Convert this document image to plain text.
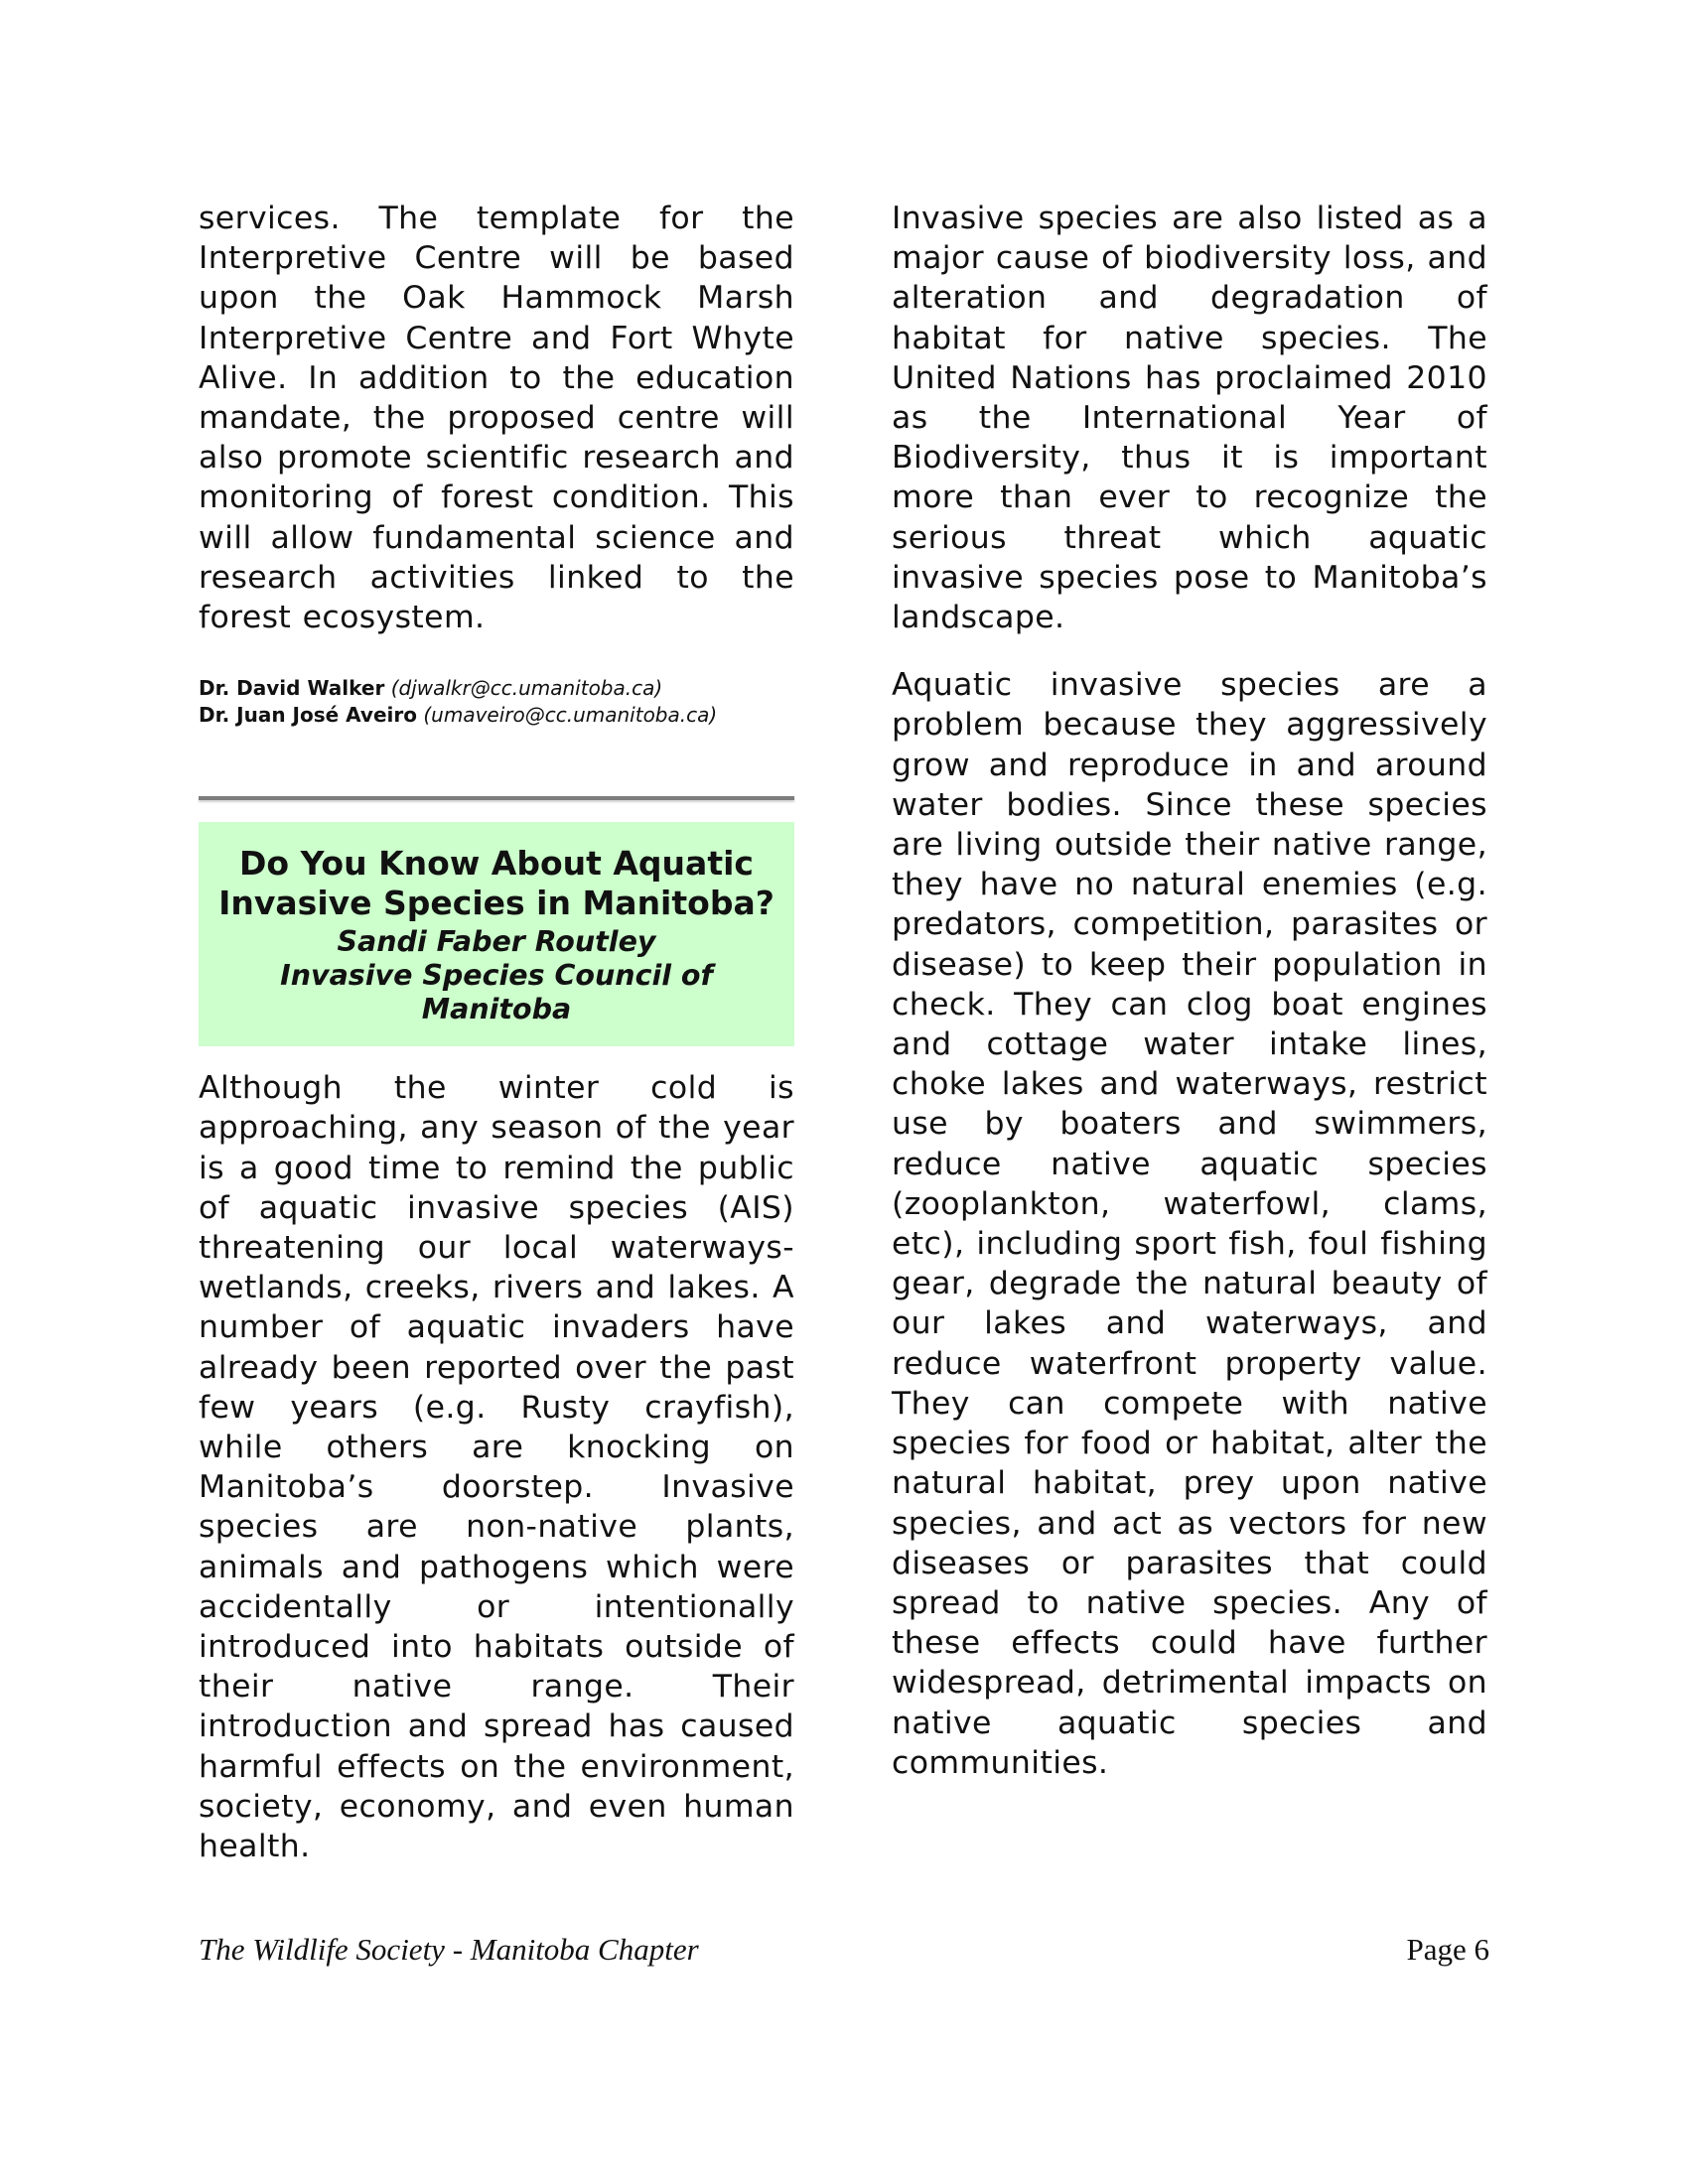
services. The template for the Interpretive Centre will be based upon the Oak Hammock Marsh Interpretive Centre and Fort Whyte Alive. In addition to the education mandate, the proposed centre will also promote scientific research and monitoring of forest condition. This will allow fundamental science and research activities linked to the forest ecosystem.

Dr. David Walker (djwalkr@cc.umanitoba.ca)
Dr. Juan José Aveiro (umaveiro@cc.umanitoba.ca)
Do You Know About Aquatic Invasive Species in Manitoba?

Sandi Faber Routley

Invasive Species Council of Manitoba

Although the winter cold is approaching, any season of the year is a good time to remind the public of aquatic invasive species (AIS) threatening our local waterways- wetlands, creeks, rivers and lakes. A number of aquatic invaders have already been reported over the past few years (e.g. Rusty crayfish), while others are knocking on Manitoba’s doorstep. Invasive species are non-native plants, animals and pathogens which were accidentally or intentionally introduced into habitats outside of their native range. Their introduction and spread has caused harmful effects on the environment, society, economy, and even human health.

Invasive species are also listed as a major cause of biodiversity loss, and alteration and degradation of habitat for native species. The United Nations has proclaimed 2010 as the International Year of Biodiversity, thus it is important more than ever to recognize the serious threat which aquatic invasive species pose to Manitoba’s landscape.

Aquatic invasive species are a problem because they aggressively grow and reproduce in and around water bodies. Since these species are living outside their native range, they have no natural enemies (e.g. predators, competition, parasites or disease) to keep their population in check. They can clog boat engines and cottage water intake lines, choke lakes and waterways, restrict use by boaters and swimmers, reduce native aquatic species (zooplankton, waterfowl, clams, etc), including sport fish, foul fishing gear, degrade the natural beauty of our lakes and waterways, and reduce waterfront property value. They can compete with native species for food or habitat, alter the natural habitat, prey upon native species, and act as vectors for new diseases or parasites that could spread to native species. Any of these effects could have further widespread, detrimental impacts on native aquatic species and communities.

The Wildlife Society - Manitoba Chapter	Page 6
